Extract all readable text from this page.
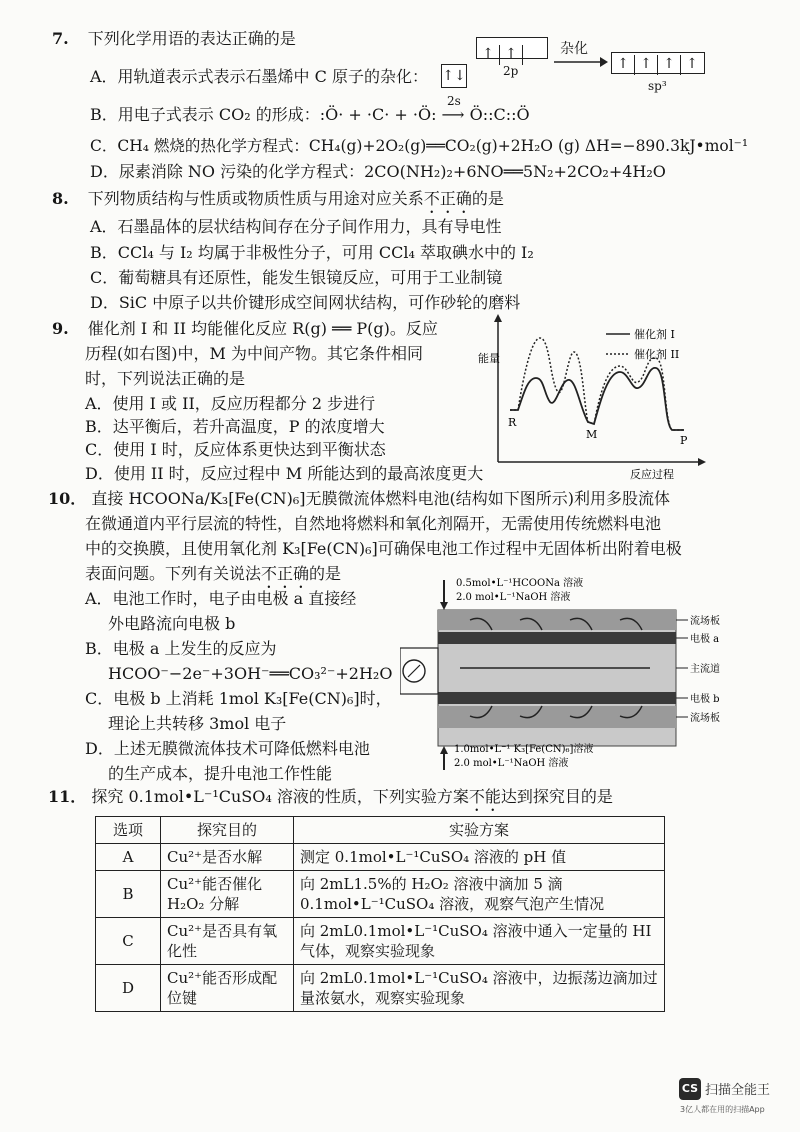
7. 下列化学用语的表达正确的是
↑ ↑
2p
↑↓
2s
杂化
↑ ↑ ↑ ↑
sp³
A．用轨道表示式表示石墨烯中 C 原子的杂化：
B．用电子式表示 CO₂ 的形成：:Ö· + ·C· + ·Ö: ⟶ Ö::C::Ö
C．CH₄ 燃烧的热化学方程式：CH₄(g)+2O₂(g)══CO₂(g)+2H₂O (g) ΔH=−890.3kJ•mol⁻¹
D．尿素消除 NO 污染的化学方程式：2CO(NH₂)₂+6NO══5N₂+2CO₂+4H₂O
8. 下列物质结构与性质或物质性质与用途对应关系不正确的是
A．石墨晶体的层状结构间存在分子间作用力，具有导电性
B．CCl₄ 与 I₂ 均属于非极性分子，可用 CCl₄ 萃取碘水中的 I₂
C．葡萄糖具有还原性，能发生银镜反应，可用于工业制镜
D．SiC 中原子以共价键形成空间网状结构，可作砂轮的磨料
9. 催化剂 I 和 II 均能催化反应 R(g) ══ P(g)。反应
历程(如右图)中，M 为中间产物。其它条件相同
时，下列说法正确的是
A．使用 I 或 II，反应历程都分 2 步进行
B．达平衡后，若升高温度，P 的浓度增大
C．使用 I 时，反应体系更快达到平衡状态
D．使用 II 时，反应过程中 M 所能达到的最高浓度更大
能量
催化剂 I
催化剂 II
R
M	P
反应过程
10． 直接 HCOONa/K₃[Fe(CN)₆]无膜微流体燃料电池(结构如下图所示)利用多股流体
在微通道内平行层流的特性，自然地将燃料和氧化剂隔开，无需使用传统燃料电池
中的交换膜，且使用氧化剂 K₃[Fe(CN)₆]可确保电池工作过程中无固体析出附着电极
表面问题。下列有关说法不正确的是
A．电池工作时，电子由电极 a 直接经
外电路流向电极 b
B．电极 a 上发生的反应为
HCOO⁻−2e⁻+3OH⁻══CO₃²⁻+2H₂O
C．电极 b 上消耗 1mol K₃[Fe(CN)₆]时，
理论上共转移 3mol 电子
D．上述无膜微流体技术可降低燃料电池
的生产成本，提升电池工作性能
0.5mol•L⁻¹HCOONa 溶液
2.0 mol•L⁻¹NaOH 溶液
1.0mol•L⁻¹ K₃[Fe(CN)₆]溶液
2.0 mol•L⁻¹NaOH 溶液
流场板
电极 a
主流道
电极 b
流场板
11． 探究 0.1mol•L⁻¹CuSO₄ 溶液的性质，下列实验方案不能达到探究目的是
选项	探究目的	实验方案
A	Cu²⁺是否水解	测定 0.1mol•L⁻¹CuSO₄ 溶液的 pH 值
B	Cu²⁺能否催化 H₂O₂ 分解	向 2mL1.5%的 H₂O₂ 溶液中滴加 5 滴 0.1mol•L⁻¹CuSO₄ 溶液，观察气泡产生情况
C	Cu²⁺是否具有氧化性	向 2mL0.1mol•L⁻¹CuSO₄ 溶液中通入一定量的 HI 气体，观察实验现象
D	Cu²⁺能否形成配位键	向 2mL0.1mol•L⁻¹CuSO₄ 溶液中，边振荡边滴加过量浓氨水，观察实验现象
CS 扫描全能王
3亿人都在用的扫描App
